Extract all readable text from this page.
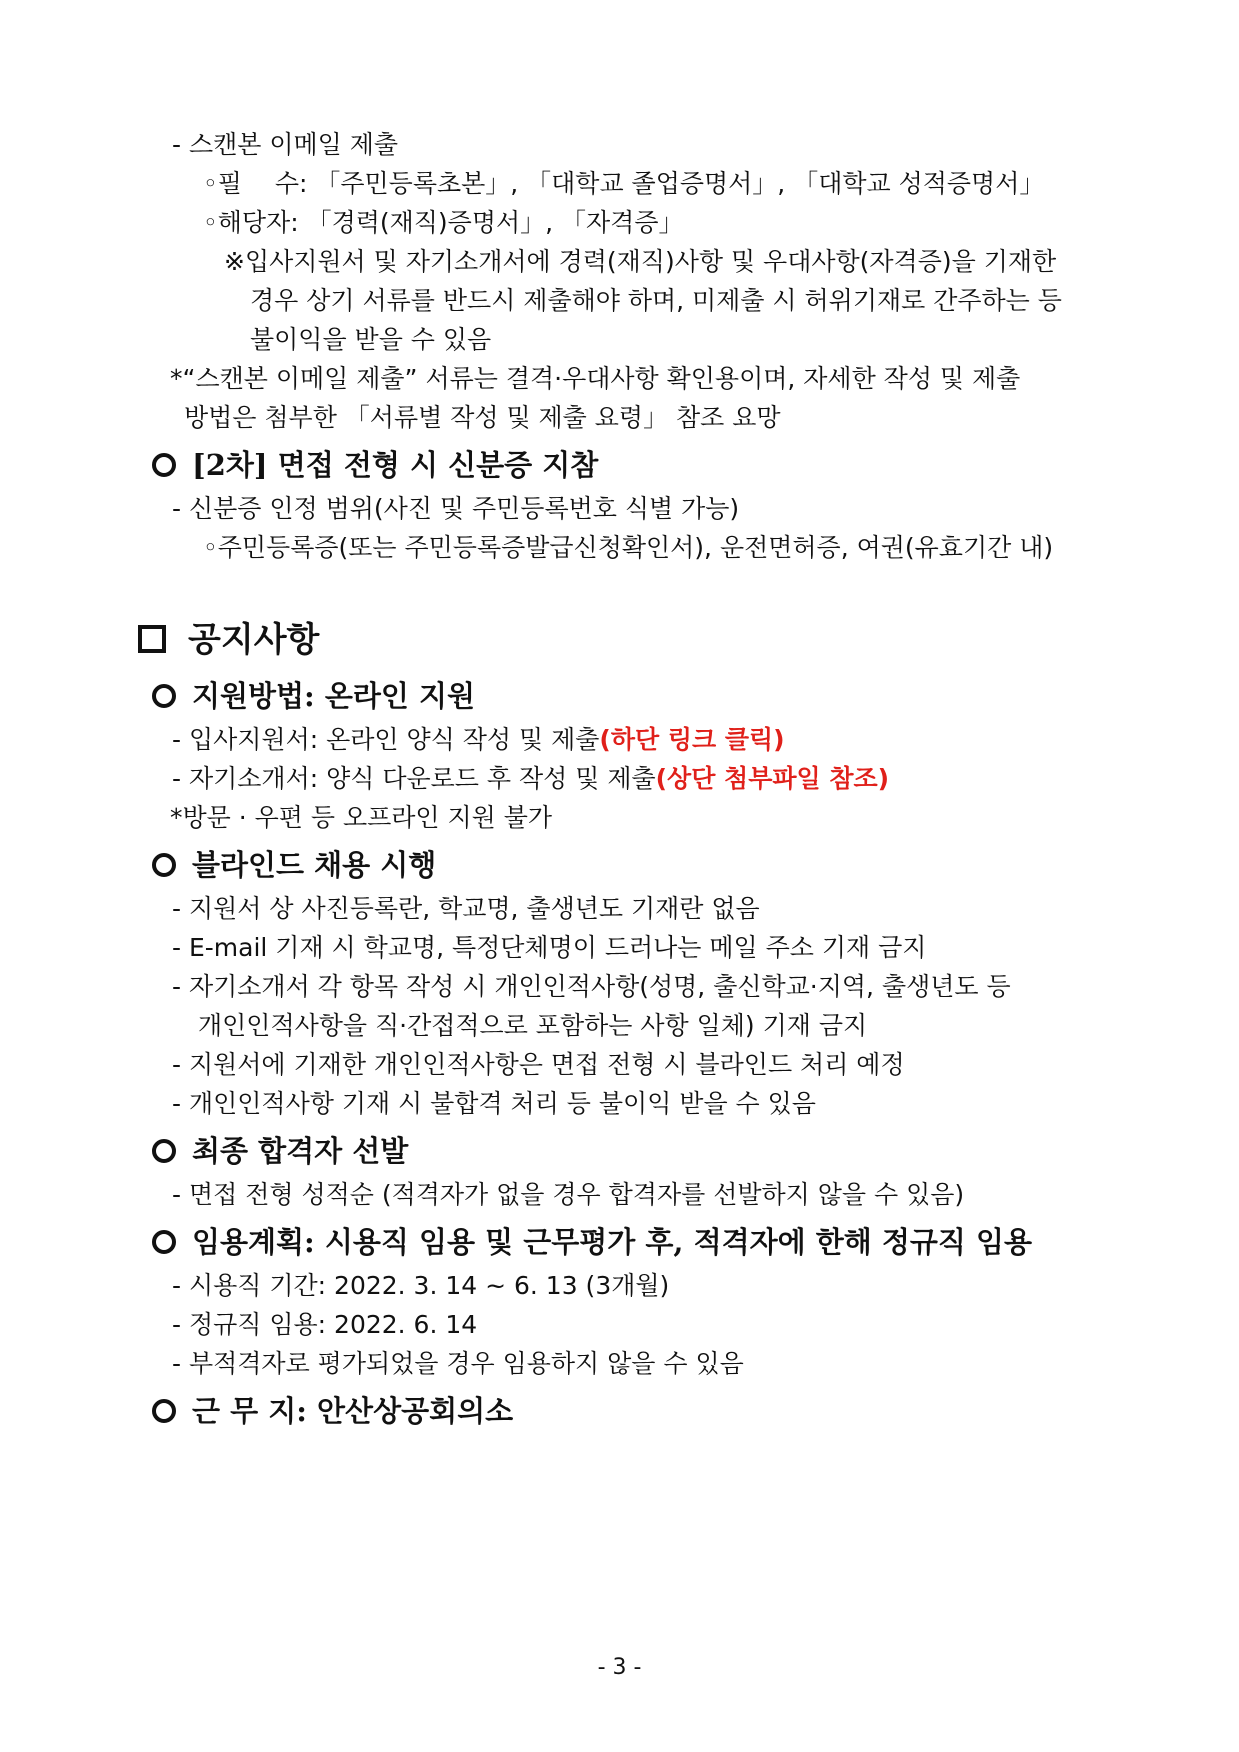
- 스캔본 이메일 제출
◦필　 수: 「주민등록초본」, 「대학교 졸업증명서」, 「대학교 성적증명서」
◦해당자: 「경력(재직)증명서」, 「자격증」
※입사지원서 및 자기소개서에 경력(재직)사항 및 우대사항(자격증)을 기재한
경우 상기 서류를 반드시 제출해야 하며, 미제출 시 허위기재로 간주하는 등
불이익을 받을 수 있음
*“스캔본 이메일 제출” 서류는 결격·우대사항 확인용이며, 자세한 작성 및 제출
방법은 첨부한 「서류별 작성 및 제출 요령」 참조 요망
[2차] 면접 전형 시 신분증 지참
- 신분증 인정 범위(사진 및 주민등록번호 식별 가능)
◦주민등록증(또는 주민등록증발급신청확인서), 운전면허증, 여권(유효기간 내)
공지사항
지원방법: 온라인 지원
- 입사지원서: 온라인 양식 작성 및 제출(하단 링크 클릭)
- 자기소개서: 양식 다운로드 후 작성 및 제출(상단 첨부파일 참조)
*방문 · 우편 등 오프라인 지원 불가
블라인드 채용 시행
- 지원서 상 사진등록란, 학교명, 출생년도 기재란 없음
- E-mail 기재 시 학교명, 특정단체명이 드러나는 메일 주소 기재 금지
- 자기소개서 각 항목 작성 시 개인인적사항(성명, 출신학교·지역, 출생년도 등
개인인적사항을 직·간접적으로 포함하는 사항 일체) 기재 금지
- 지원서에 기재한 개인인적사항은 면접 전형 시 블라인드 처리 예정
- 개인인적사항 기재 시 불합격 처리 등 불이익 받을 수 있음
최종 합격자 선발
- 면접 전형 성적순 (적격자가 없을 경우 합격자를 선발하지 않을 수 있음)
임용계획: 시용직 임용 및 근무평가 후, 적격자에 한해 정규직 임용
- 시용직 기간: 2022. 3. 14 ~ 6. 13 (3개월)
- 정규직 임용: 2022. 6. 14
- 부적격자로 평가되었을 경우 임용하지 않을 수 있음
근 무 지: 안산상공회의소
- 3 -
